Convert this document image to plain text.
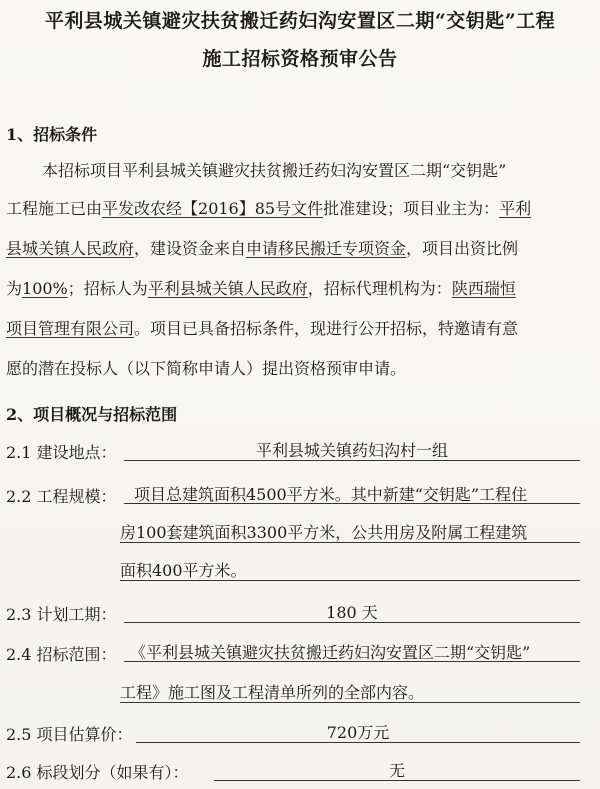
平利县城关镇避灾扶贫搬迁药妇沟安置区二期“交钥匙”工程
施工招标资格预审公告
1、招标条件
本招标项目平利县城关镇避灾扶贫搬迁药妇沟安置区二期“交钥匙”
工程施工已由平发改农经【2016】85号文件批准建设；项目业主为：平利
县城关镇人民政府，建设资金来自申请移民搬迁专项资金，项目出资比例
为100%；招标人为平利县城关镇人民政府，招标代理机构为：陕西瑞恒
项目管理有限公司。项目已具备招标条件，现进行公开招标，特邀请有意
愿的潜在投标人（以下简称申请人）提出资格预审申请。
2、项目概况与招标范围
2.1 建设地点：	平利县城关镇药妇沟村一组
2.2 工程规模：	项目总建筑面积4500平方米。其中新建“交钥匙”工程住
房100套建筑面积3300平方米，公共用房及附属工程建筑
面积400平方米。
2.3 计划工期：	180 天
2.4 招标范围： 《平利县城关镇避灾扶贫搬迁药妇沟安置区二期“交钥匙”
工程》施工图及工程清单所列的全部内容。
2.5 项目估算价：	720万元
2.6 标段划分（如果有）：	无
